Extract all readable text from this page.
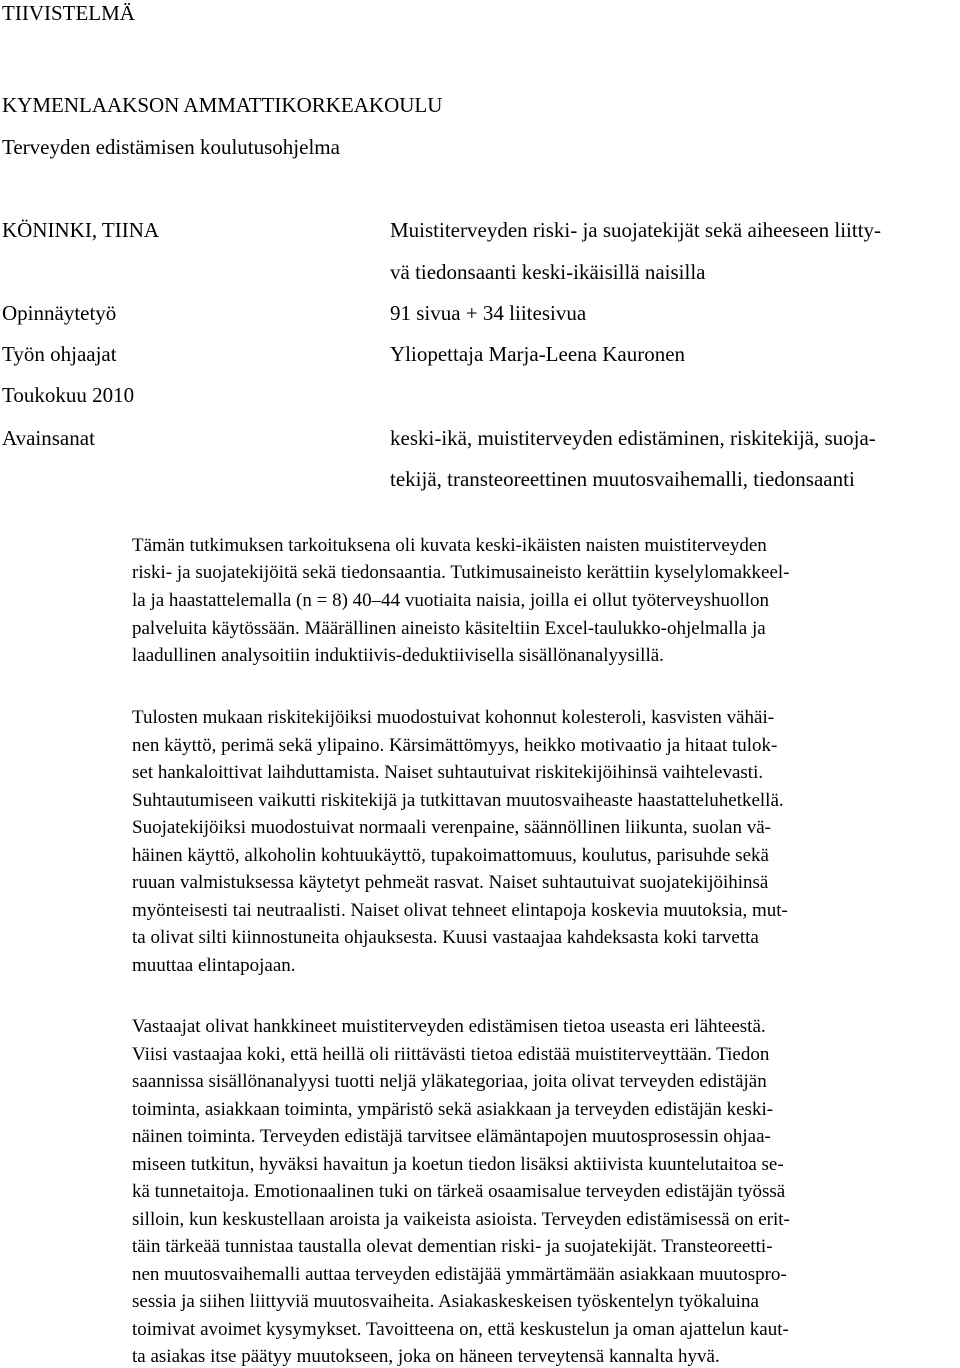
TIIVISTELMÄ
KYMENLAAKSON AMMATTIKORKEAKOULU
Terveyden edistämisen koulutusohjelma
KÖNINKI, TIINA	Muistiterveyden riski- ja suojatekijät sekä aiheeseen liitty-
vä tiedonsaanti keski-ikäisillä naisilla
Opinnäytetyö	91 sivua + 34 liitesivua
Työn ohjaajat	Yliopettaja Marja-Leena Kauronen
Toukokuu 2010
Avainsanat	keski-ikä, muistiterveyden edistäminen, riskitekijä, suoja-
tekijä, transteoreettinen muutosvaihemalli, tiedonsaanti
Tämän tutkimuksen tarkoituksena oli kuvata keski-ikäisten naisten muistiterveyden
riski- ja suojatekijöitä sekä tiedonsaantia. Tutkimusaineisto kerättiin kyselylomakkeel-
la ja haastattelemalla (n = 8) 40–44 vuotiaita naisia, joilla ei ollut työterveyshuollon
palveluita käytössään. Määrällinen aineisto käsiteltiin Excel-taulukko-ohjelmalla ja
laadullinen analysoitiin induktiivis-deduktiivisella sisällönanalyysillä.
Tulosten mukaan riskitekijöiksi muodostuivat kohonnut kolesteroli, kasvisten vähäi-
nen käyttö, perimä sekä ylipaino. Kärsimättömyys, heikko motivaatio ja hitaat tulok-
set hankaloittivat laihduttamista. Naiset suhtautuivat riskitekijöihinsä vaihtelevasti.
Suhtautumiseen vaikutti riskitekijä ja tutkittavan muutosvaiheaste haastatteluhetkellä.
Suojatekijöiksi muodostuivat normaali verenpaine, säännöllinen liikunta, suolan vä-
häinen käyttö, alkoholin kohtuukäyttö, tupakoimattomuus, koulutus, parisuhde sekä
ruuan valmistuksessa käytetyt pehmeät rasvat. Naiset suhtautuivat suojatekijöihinsä
myönteisesti tai neutraalisti. Naiset olivat tehneet elintapoja koskevia muutoksia, mut-
ta olivat silti kiinnostuneita ohjauksesta. Kuusi vastaajaa kahdeksasta koki tarvetta
muuttaa elintapojaan.
Vastaajat olivat hankkineet muistiterveyden edistämisen tietoa useasta eri lähteestä.
Viisi vastaajaa koki, että heillä oli riittävästi tietoa edistää muistiterveyttään. Tiedon
saannissa sisällönanalyysi tuotti neljä yläkategoriaa, joita olivat terveyden edistäjän
toiminta, asiakkaan toiminta, ympäristö sekä asiakkaan ja terveyden edistäjän keski-
näinen toiminta. Terveyden edistäjä tarvitsee elämäntapojen muutosprosessin ohjaa-
miseen tutkitun, hyväksi havaitun ja koetun tiedon lisäksi aktiivista kuuntelutaitoa se-
kä tunnetaitoja. Emotionaalinen tuki on tärkeä osaamisalue terveyden edistäjän työssä
silloin, kun keskustellaan aroista ja vaikeista asioista. Terveyden edistämisessä on erit-
täin tärkeää tunnistaa taustalla olevat dementian riski- ja suojatekijät. Transteoreetti-
nen muutosvaihemalli auttaa terveyden edistäjää ymmärtämään asiakkaan muutospro-
sessia ja siihen liittyviä muutosvaiheita. Asiakaskeskeisen työskentelyn työkaluina
toimivat avoimet kysymykset. Tavoitteena on, että keskustelun ja oman ajattelun kaut-
ta asiakas itse päätyy muutokseen, joka on häneen terveytensä kannalta hyvä.
